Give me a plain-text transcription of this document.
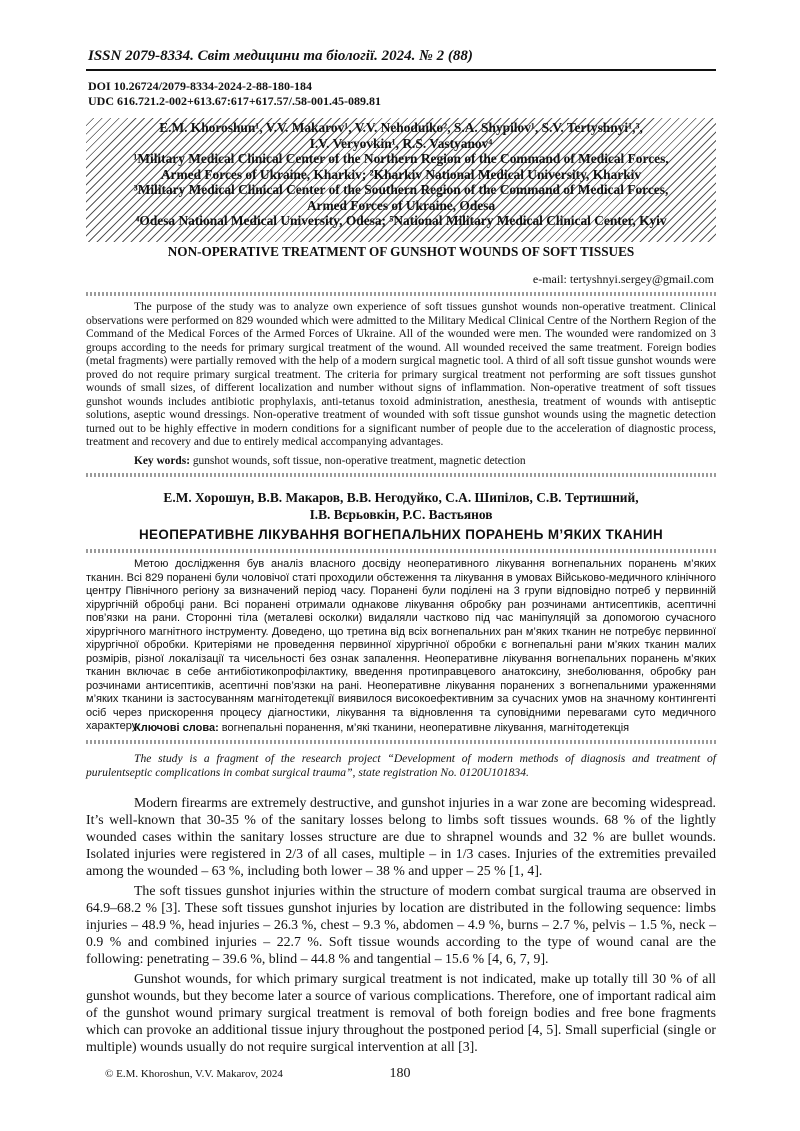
ISSN 2079-8334. Світ медицини та біології. 2024. № 2 (88)
DOI 10.26724/2079-8334-2024-2-88-180-184
UDC 616.721.2-002+613.67:617+617.57/.58-001.45-089.81
E.M. Khoroshun¹, V.V. Makarov¹, V.V. Nehoduiko², S.A. Shypilov¹, S.V. Tertyshnyi¹,³,
I.V. Veryovkin¹, R.S. Vastyanov⁴
¹Military Medical Clinical Center of the Northern Region of the Command of Medical Forces,
Armed Forces of Ukraine, Kharkiv; ²Kharkiv National Medical University, Kharkiv
³Military Medical Clinical Center of the Southern Region of the Command of Medical Forces,
Armed Forces of Ukraine, Odesa
⁴Odesa National Medical University, Odesa; ⁵National Military Medical Clinical Center, Kyiv
NON-OPERATIVE TREATMENT OF GUNSHOT WOUNDS OF SOFT TISSUES
e-mail: tertyshnyi.sergey@gmail.com
The purpose of the study was to analyze own experience of soft tissues gunshot wounds non-operative treatment. Clinical observations were performed on 829 wounded which were admitted to the Military Medical Clinical Centre of the Northern Region of the Command of the Medical Forces of the Armed Forces of Ukraine. All of the wounded were men. The wounded were randomized on 3 groups according to the needs for primary surgical treatment of the wound. All wounded received the same treatment. Foreign bodies (metal fragments) were partially removed with the help of a modern surgical magnetic tool. A third of all soft tissue gunshot wounds were proved do not require primary surgical treatment. The criteria for primary surgical treatment not performing are soft tissues gunshot wounds of small sizes, of different localization and number without signs of inflammation. Non-operative treatment of soft tissues gunshot wounds includes antibiotic prophylaxis, anti-tetanus toxoid administration, anesthesia, treatment of wounds with antiseptic solutions, aseptic wound dressings. Non-operative treatment of wounded with soft tissue gunshot wounds using the magnetic detection turned out to be highly effective in modern conditions for a significant number of people due to the acceleration of diagnostic process, treatment and recovery and due to entirely medical accompanying advantages.
Key words: gunshot wounds, soft tissue, non-operative treatment, magnetic detection
Е.М. Хорошун, В.В. Макаров, В.В. Негодуйко, С.А. Шипілов, С.В. Тертишний,
І.В. Вєрьовкін, Р.С. Вастьянов
НЕОПЕРАТИВНЕ ЛІКУВАННЯ ВОГНЕПАЛЬНИХ ПОРАНЕНЬ М’ЯКИХ ТКАНИН
Метою дослідження був аналіз власного досвіду неоперативного лікування вогнепальних поранень м’яких тканин. Всі 829 поранені були чоловічої статі проходили обстеження та лікування в умовах Військово-медичного клінічного центру Північного регіону за визначений період часу. Поранені були поділені на 3 групи відповідно потреб у первинній хірургічній обробці рани. Всі поранені отримали однакове лікування обробку ран розчинами антисептиків, асептичні пов’язки на рани. Сторонні тіла (металеві осколки) видаляли частково під час маніпуляцій за допомогою сучасного хірургічного магнітного інструменту. Доведено, що третина від всіх вогнепальних ран м’яких тканин не потребує первинної хірургічної обробки. Критеріями не проведення первинної хірургічної обробки є вогнепальні рани м’яких тканин малих розмірів, різної локалізації та чисельності без ознак запалення. Неоперативне лікування вогнепальних поранень м’яких тканин включає в себе антибіотикопрофілактику, введення протиправцевого анатоксину, знеболювання, обробку ран розчинами антисептиків, асептичні пов’язки на рані. Неоперативне лікування поранених з вогнепальними ураженнями м’яких тканини із застосуванням магнітодетекції виявилося високоефективним за сучасних умов на значному контингенті осіб через прискорення процесу діагностики, лікування та відновлення та суповідними перевагами суто медичного характеру.
Ключові слова: вогнепальні поранення, м’які тканини, неоперативне лікування, магнітодетекція
The study is a fragment of the research project “Development of modern methods of diagnosis and treatment of purulentseptic complications in combat surgical trauma”, state registration No. 0120U101834.

Modern firearms are extremely destructive, and gunshot injuries in a war zone are becoming widespread. It’s well-known that 30-35 % of the sanitary losses belong to limbs soft tissues wounds. 68 % of the lightly wounded cases within the sanitary losses structure are due to shrapnel wounds and 32 % are bullet wounds. Isolated injuries were registered in 2/3 of all cases, multiple – in 1/3 cases. Injuries of the extremities prevailed among the wounded – 63 %, including both lower – 38 % and upper – 25 % [1, 4].

The soft tissues gunshot injuries within the structure of modern combat surgical trauma are observed in 64.9–68.2 % [3]. These soft tissues gunshot injuries by location are distributed in the following sequence: limbs injuries – 48.9 %, head injuries – 26.3 %, chest – 9.3 %, abdomen – 4.9 %, burns – 2.7 %, pelvis – 1.5 %, neck – 0.9 % and combined injuries – 22.7 %. Soft tissue wounds according to the type of wound canal are the following: penetrating – 39.6 %, blind – 44.8 % and tangential – 15.6 % [4, 6, 7, 9].

Gunshot wounds, for which primary surgical treatment is not indicated, make up totally till 30 % of all gunshot wounds, but they become later a source of various complications. Therefore, one of important radical aim of the gunshot wound primary surgical treatment is removal of both foreign bodies and free bone fragments which can provoke an additional tissue injury throughout the postponed period [4, 5]. Small superficial (single or multiple) wounds usually do not require surgical intervention at all [3].

© E.M. Khoroshun, V.V. Makarov, 2024	180
